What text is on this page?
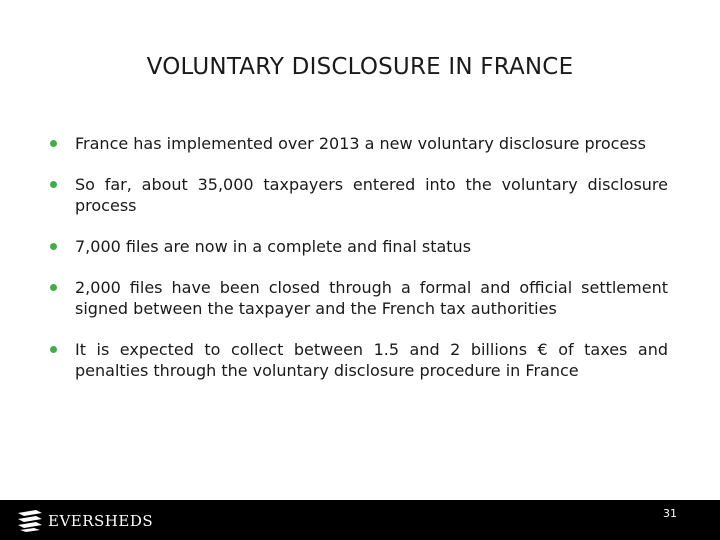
VOLUNTARY DISCLOSURE IN FRANCE
France has implemented over 2013 a new voluntary disclosure process
So far, about 35,000 taxpayers entered into the voluntary disclosure process
7,000 files are now in a complete and final status
2,000 files have been closed through a formal and official settlement signed between the taxpayer and the French tax authorities
It is expected to collect between 1.5 and 2 billions € of taxes and penalties through the voluntary disclosure procedure in France
EVERSHEDS	31
